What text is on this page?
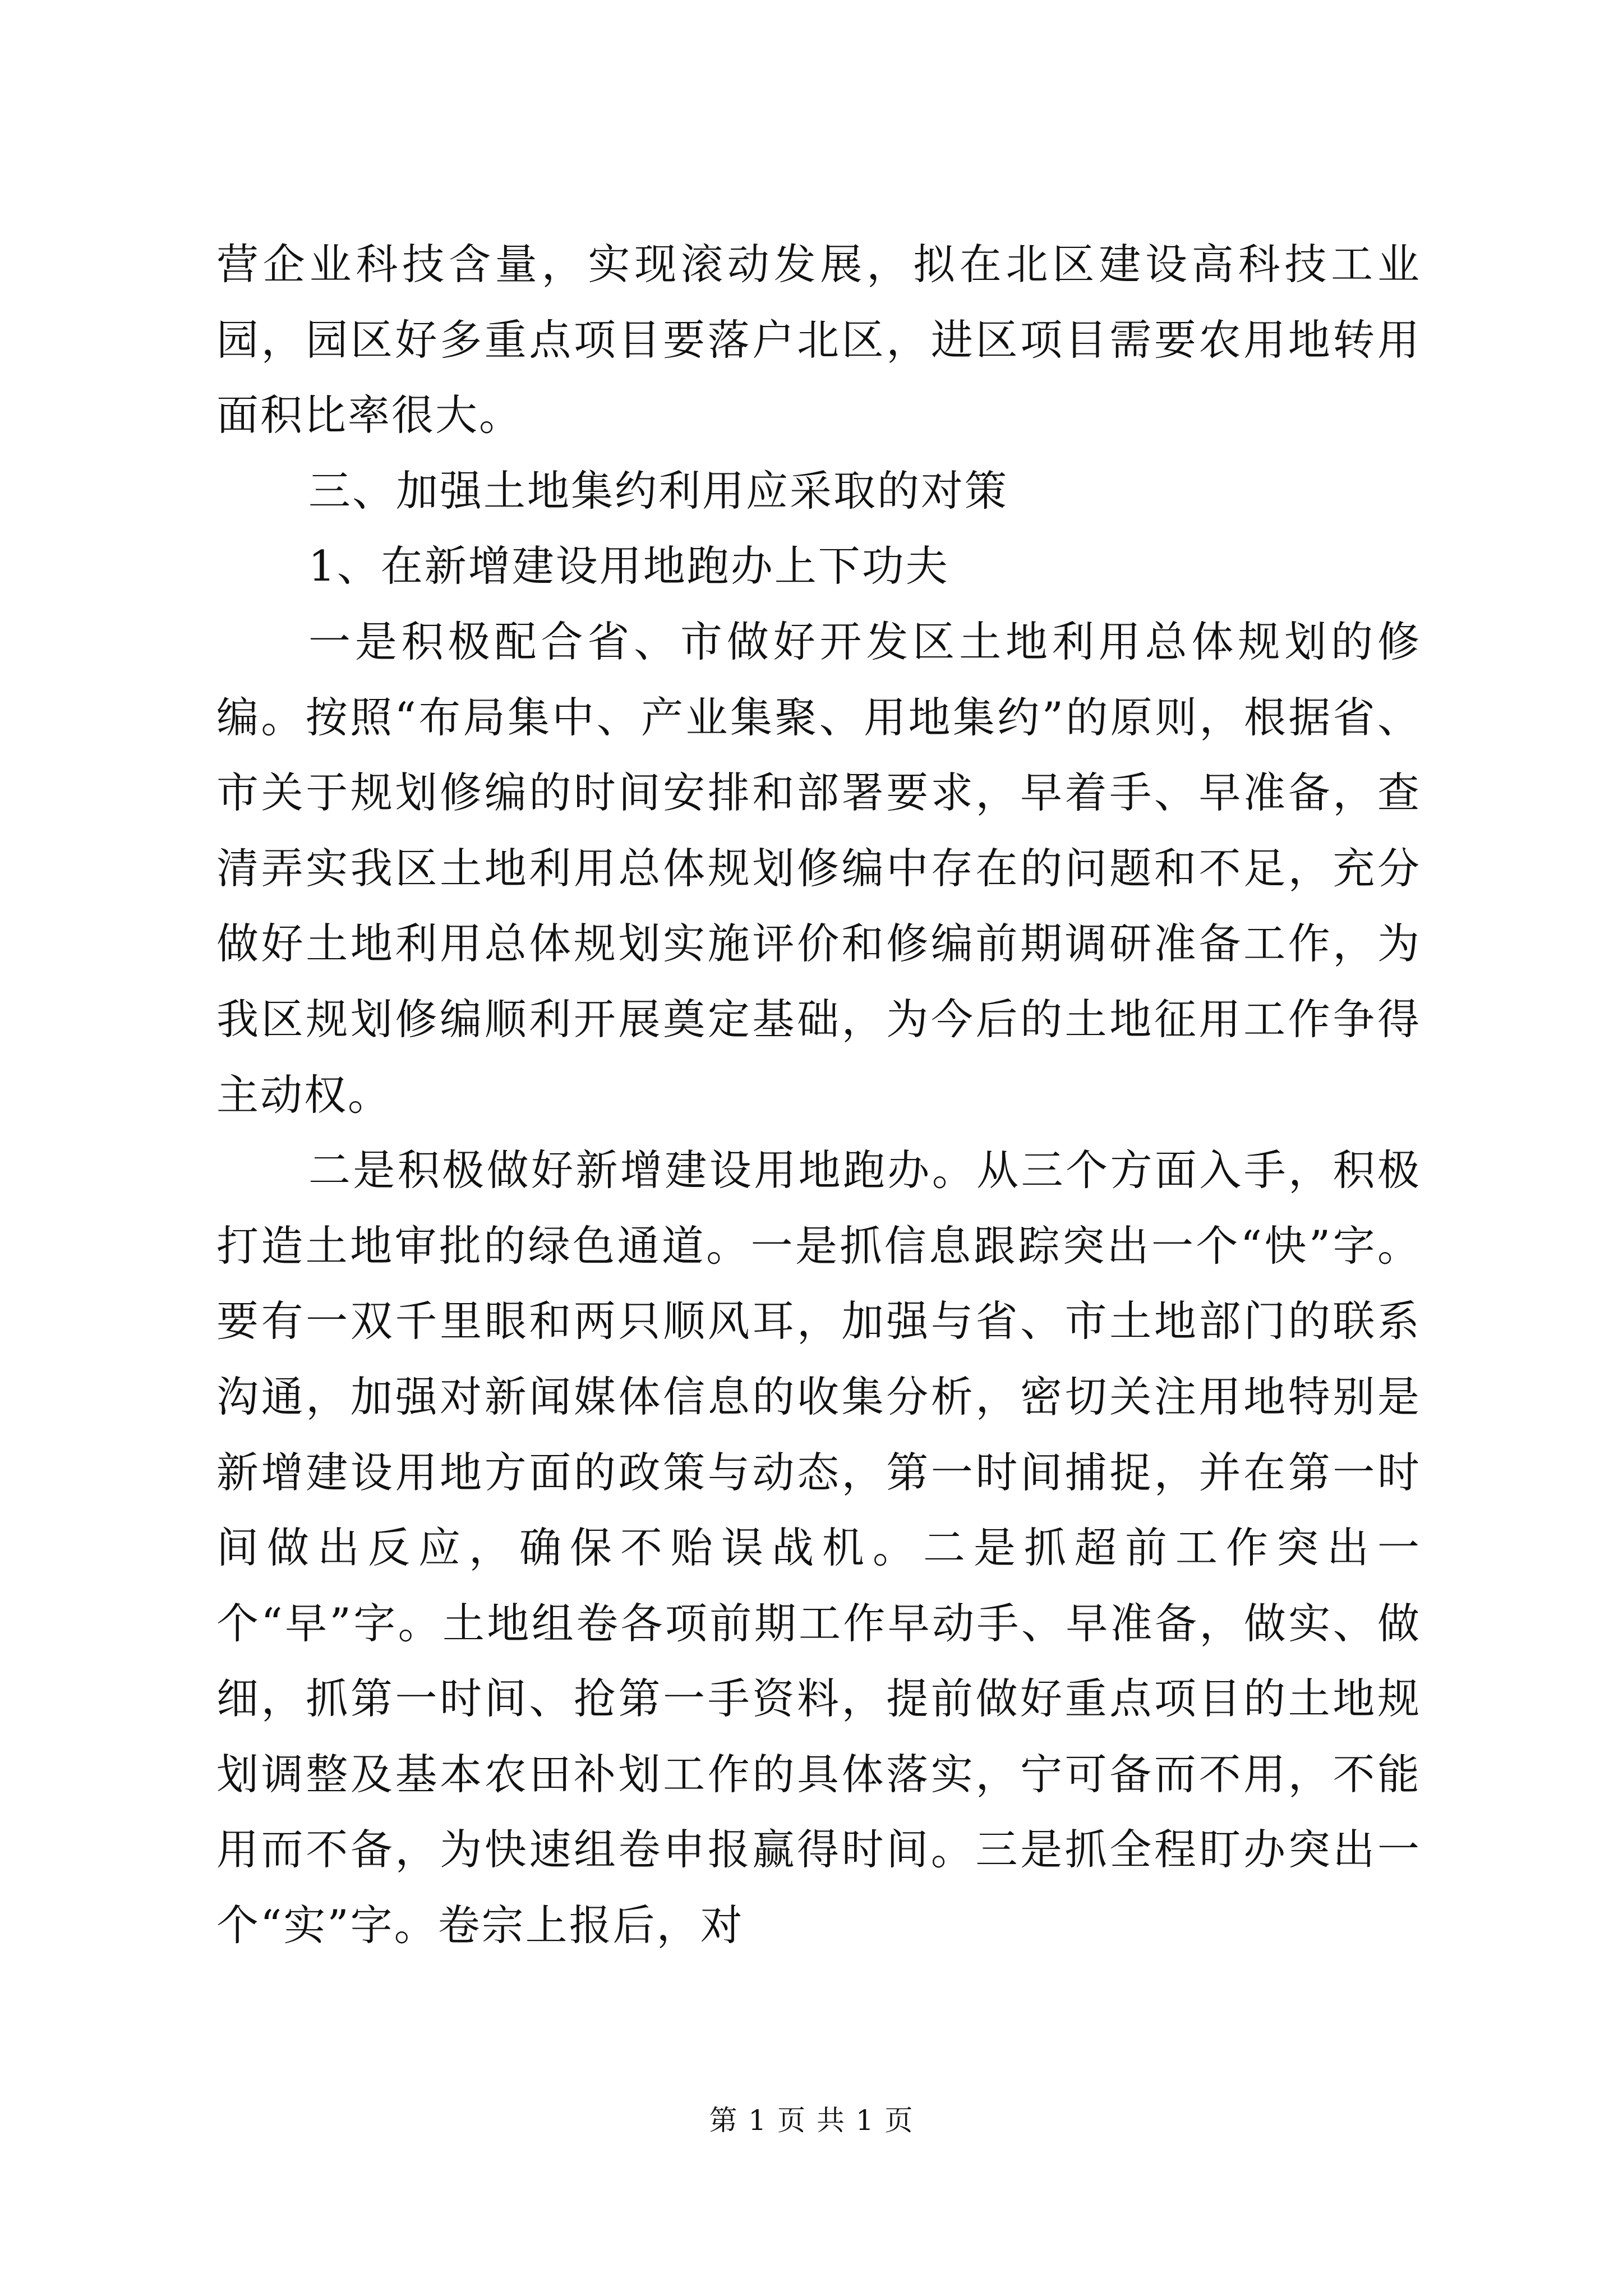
营企业科技含量，实现滚动发展，拟在北区建设高科技工业园，园区好多重点项目要落户北区，进区项目需要农用地转用面积比率很大。

三、加强土地集约利用应采取的对策

1、在新增建设用地跑办上下功夫

一是积极配合省、市做好开发区土地利用总体规划的修编。按照“布局集中、产业集聚、用地集约”的原则，根据省、市关于规划修编的时间安排和部署要求，早着手、早准备，查清弄实我区土地利用总体规划修编中存在的问题和不足，充分做好土地利用总体规划实施评价和修编前期调研准备工作，为我区规划修编顺利开展奠定基础，为今后的土地征用工作争得主动权。

二是积极做好新增建设用地跑办。从三个方面入手，积极打造土地审批的绿色通道。一是抓信息跟踪突出一个“快”字。要有一双千里眼和两只顺风耳，加强与省、市土地部门的联系沟通，加强对新闻媒体信息的收集分析，密切关注用地特别是新增建设用地方面的政策与动态，第一时间捕捉，并在第一时间做出反应，确保不贻误战机。二是抓超前工作突出一个“早”字。土地组卷各项前期工作早动手、早准备，做实、做细，抓第一时间、抢第一手资料，提前做好重点项目的土地规划调整及基本农田补划工作的具体落实，宁可备而不用，不能用而不备，为快速组卷申报赢得时间。三是抓全程盯办突出一个“实”字。卷宗上报后，对

第 1 页 共 1 页
